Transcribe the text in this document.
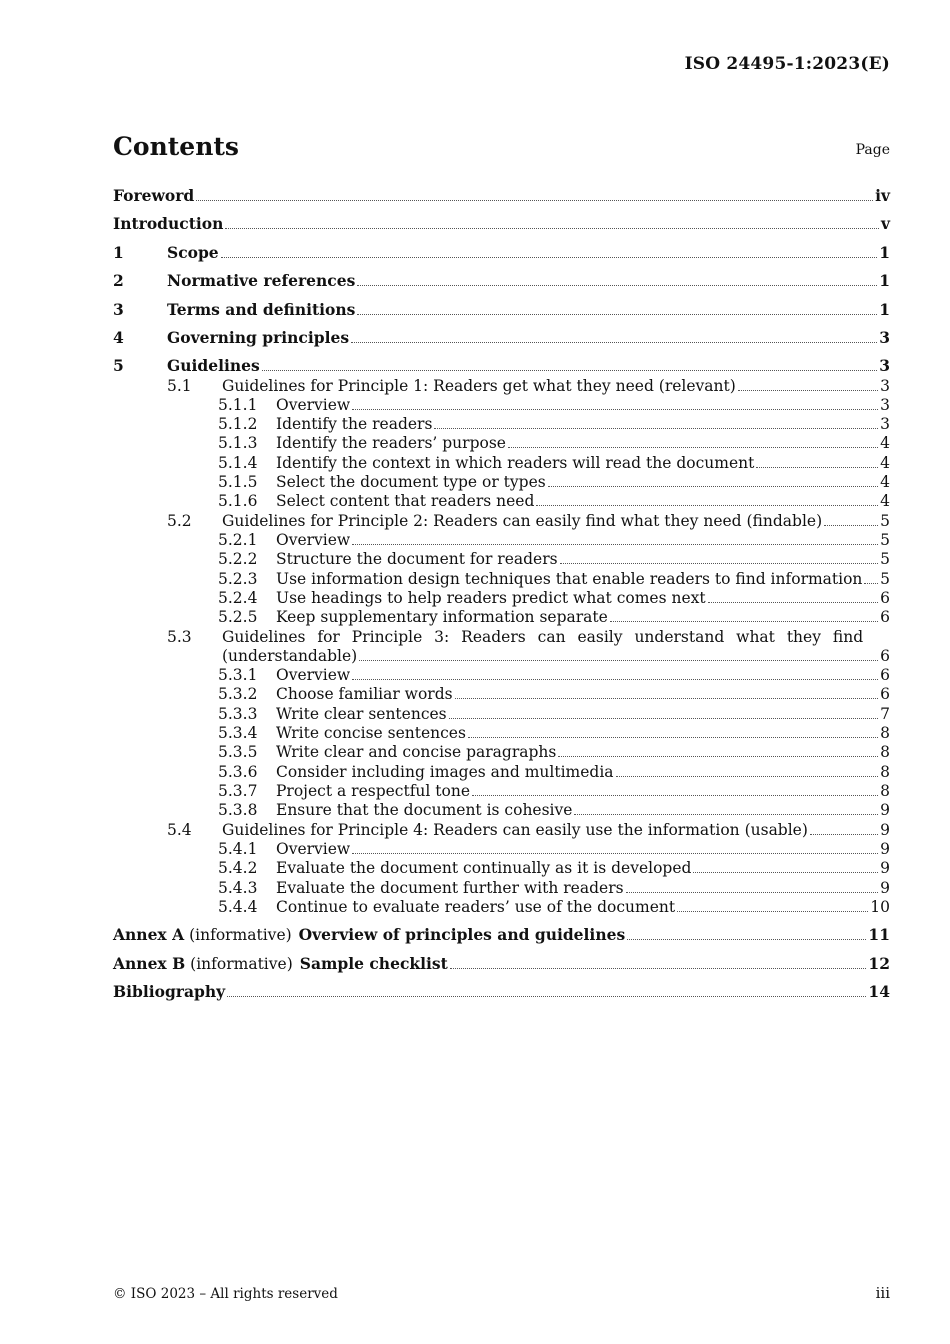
ISO 24495-1:2023(E)
Contents	Page
Foreword	iv
Introduction	v
1	Scope	1
2	Normative references	1
3	Terms and definitions	1
4	Governing principles	3
5	Guidelines	3
5.1	Guidelines for Principle 1: Readers get what they need (relevant)	3
5.1.1	Overview	3
5.1.2	Identify the readers	3
5.1.3	Identify the readers’ purpose	4
5.1.4	Identify the context in which readers will read the document	4
5.1.5	Select the document type or types	4
5.1.6	Select content that readers need	4
5.2	Guidelines for Principle 2: Readers can easily find what they need (findable)	5
5.2.1	Overview	5
5.2.2	Structure the document for readers	5
5.2.3	Use information design techniques that enable readers to find information 5
5.2.4	Use headings to help readers predict what comes next	6
5.2.5	Keep supplementary information separate	6
5.3	Guidelines for Principle 3: Readers can easily understand what they find
(understandable)	6
5.3.1	Overview	6
5.3.2	Choose familiar words	6
5.3.3	Write clear sentences	7
5.3.4	Write concise sentences	8
5.3.5	Write clear and concise paragraphs	8
5.3.6	Consider including images and multimedia	8
5.3.7	Project a respectful tone	8
5.3.8	Ensure that the document is cohesive	9
5.4	Guidelines for Principle 4: Readers can easily use the information (usable)	9
5.4.1	Overview	9
5.4.2	Evaluate the document continually as it is developed	9
5.4.3	Evaluate the document further with readers	9
5.4.4	Continue to evaluate readers’ use of the document	10
Annex A (informative) Overview of principles and guidelines	11
Annex B (informative) Sample checklist	12
Bibliography	14
© ISO 2023 – All rights reserved	iii
